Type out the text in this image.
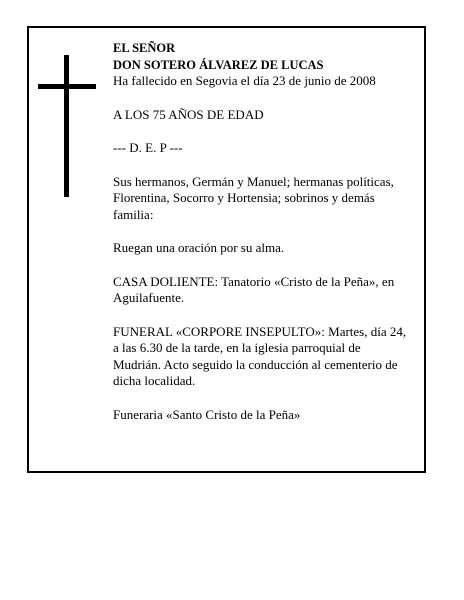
EL SEÑOR

DON SOTERO ÁLVAREZ DE LUCAS

Ha fallecido en Segovia el día 23 de junio de 2008

A LOS 75 AÑOS DE EDAD

--- D. E. P ---

Sus hermanos, Germán y Manuel; hermanas políticas,

Florentina, Socorro y Hortensia; sobrinos y demás

familia:

Ruegan una oración por su alma.

CASA DOLIENTE: Tanatorio «Cristo de la Peña», en

Aguilafuente.

FUNERAL «CORPORE INSEPULTO»: Martes, día 24,

a las 6.30 de la tarde, en la iglesia parroquial de

Mudrián. Acto seguido la conducción al cementerio de

dicha localidad.

Funeraria «Santo Cristo de la Peña»
